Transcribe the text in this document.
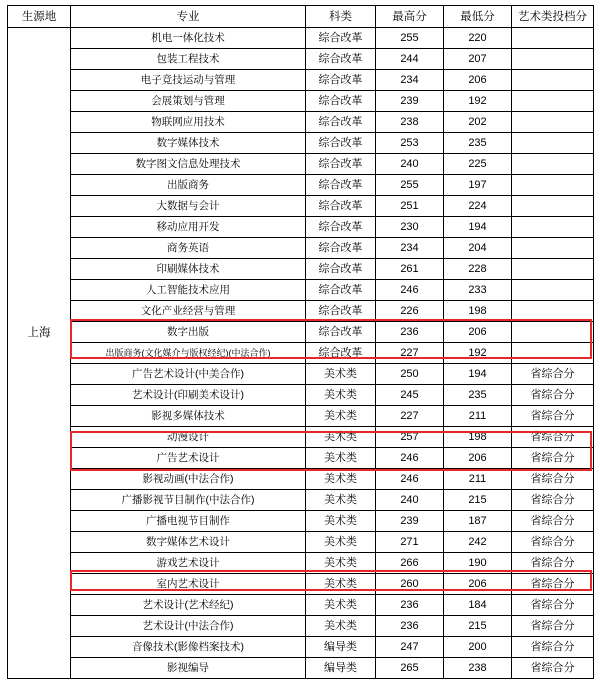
生源地	专业	科类	最高分	最低分	艺术类投档分
上海	机电一体化技术	综合改革	255	220	
	包装工程技术	综合改革	244	207	
	电子竞技运动与管理	综合改革	234	206	
	会展策划与管理	综合改革	239	192	
	物联网应用技术	综合改革	238	202	
	数字媒体技术	综合改革	253	235	
	数字图文信息处理技术	综合改革	240	225	
	出版商务	综合改革	255	197	
	大数据与会计	综合改革	251	224	
	移动应用开发	综合改革	230	194	
	商务英语	综合改革	234	204	
	印刷媒体技术	综合改革	261	228	
	人工智能技术应用	综合改革	246	233	
	文化产业经营与管理	综合改革	226	198	
	数字出版	综合改革	236	206	
	出版商务(文化媒介与版权经纪)(中法合作)	综合改革	227	192	
	广告艺术设计(中美合作)	美术类	250	194	省综合分
	艺术设计(印刷美术设计)	美术类	245	235	省综合分
	影视多媒体技术	美术类	227	211	省综合分
	动漫设计	美术类	257	198	省综合分
	广告艺术设计	美术类	246	206	省综合分
	影视动画(中法合作)	美术类	246	211	省综合分
	广播影视节目制作(中法合作)	美术类	240	215	省综合分
	广播电视节目制作	美术类	239	187	省综合分
	数字媒体艺术设计	美术类	271	242	省综合分
	游戏艺术设计	美术类	266	190	省综合分
	室内艺术设计	美术类	260	206	省综合分
	艺术设计(艺术经纪)	美术类	236	184	省综合分
	艺术设计(中法合作)	美术类	236	215	省综合分
	音像技术(影像档案技术)	编导类	247	200	省综合分
	影视编导	编导类	265	238	省综合分
